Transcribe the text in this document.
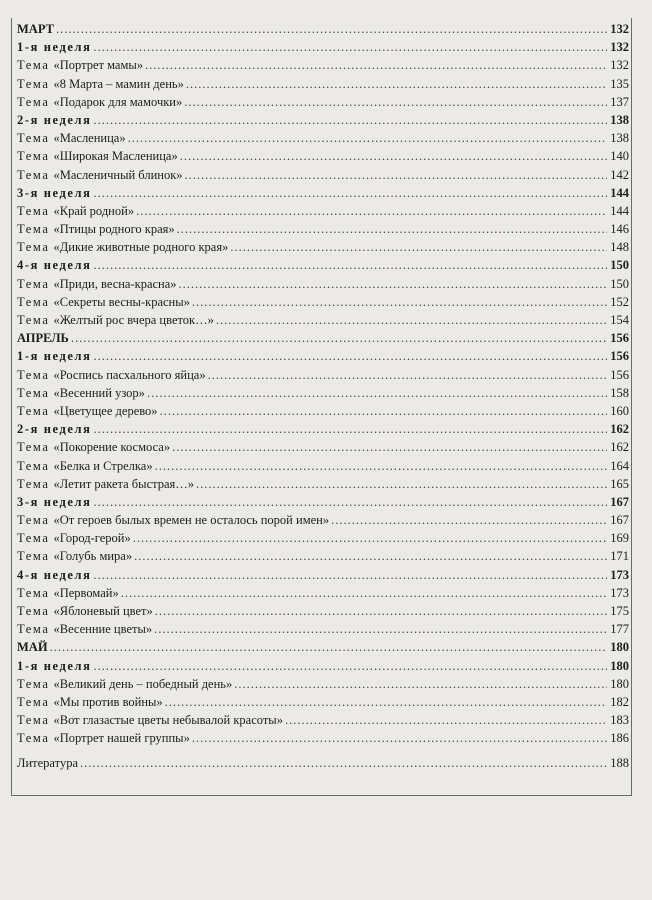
МАРТ .....	132
1-я неделя .....	132
Тема «Портрет мамы» .....	132
Тема «8 Марта – мамин день» .....	135
Тема «Подарок для мамочки» .....	137
2-я неделя .....	138
Тема «Масленица» .....	138
Тема «Широкая Масленица» .....	140
Тема «Масленичный блинок» .....	142
3-я неделя .....	144
Тема «Край родной» .....	144
Тема «Птицы родного края» .....	146
Тема «Дикие животные родного края» .....	148
4-я неделя .....	150
Тема «Приди, весна-красна» .....	150
Тема «Секреты весны-красны» .....	152
Тема «Желтый рос вчера цветок…» .....	154
АПРЕЛЬ .....	156
1-я неделя .....	156
Тема «Роспись пасхального яйца» .....	156
Тема «Весенний узор» .....	158
Тема «Цветущее дерево» .....	160
2-я неделя .....	162
Тема «Покорение космоса» .....	162
Тема «Белка и Стрелка» .....	164
Тема «Летит ракета быстрая…» .....	165
3-я неделя .....	167
Тема «От героев былых времен не осталось порой имен» .....	167
Тема «Город-герой» .....	169
Тема «Голубь мира» .....	171
4-я неделя .....	173
Тема «Первомай» .....	173
Тема «Яблоневый цвет» .....	175
Тема «Весенние цветы» .....	177
МАЙ .....	180
1-я неделя .....	180
Тема «Великий день – победный день» .....	180
Тема «Мы против войны» .....	182
Тема «Вот глазастые цветы небывалой красоты» .....	183
Тема «Портрет нашей группы» .....	186
Литература .....	188
